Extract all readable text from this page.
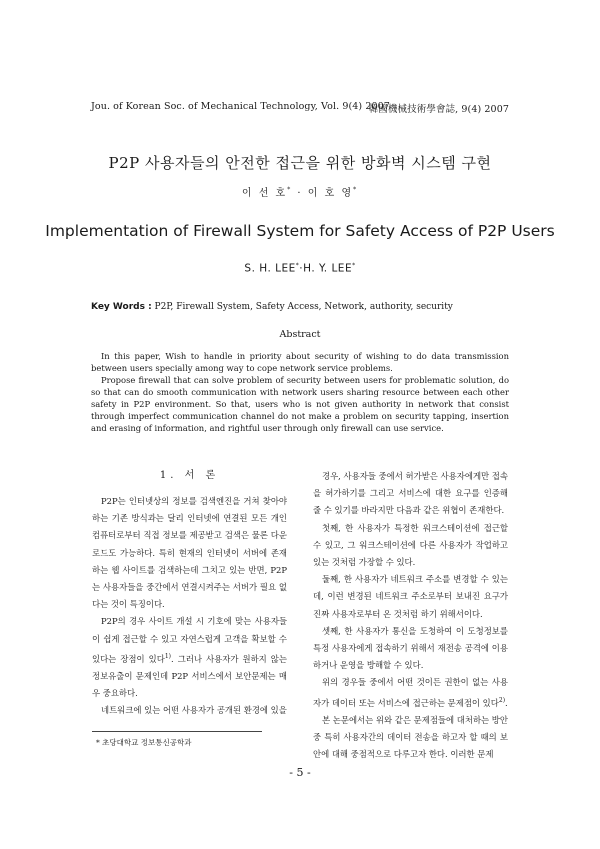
Jou. of Korean Soc. of Mechanical Technology, Vol. 9(4) 2007
韓國機械技術學會誌, 9(4) 2007
P2P 사용자들의 안전한 접근을 위한 방화벽 시스템 구현
이 선 호* · 이 호 영*
Implementation of Firewall System for Safety Access of P2P Users
S. H. LEE*·H. Y. LEE*
Key Words : P2P, Firewall System, Safety Access, Network, authority, security
Abstract

In this paper, Wish to handle in priority about security of wishing to do data transmission between users specially among way to cope network service problems.

Propose firewall that can solve problem of security between users for problematic solution, do so that can do smooth communication with network users sharing resource between each other safety in P2P environment. So that, users who is not given authority in network that consist through imperfect communication channel do not make a problem on security tapping, insertion and erasing of information, and rightful user through only firewall can use service.

1. 서 론

P2P는 인터넷상의 정보를 검색엔진을 거쳐 찾아야 하는 기존 방식과는 달리 인터넷에 연결된 모든 개인 컴퓨터로부터 직접 정보를 제공받고 검색은 물론 다운로드도 가능하다. 특히 현재의 인터넷이 서버에 존재하는 웹 사이트를 검색하는데 그치고 있는 반면, P2P는 사용자들을 중간에서 연결시켜주는 서버가 필요 없다는 것이 특징이다.

P2P의 경우 사이트 개설 시 기호에 맞는 사용자들이 쉽게 접근할 수 있고 자연스럽게 고객을 확보할 수 있다는 장점이 있다$^{1)}$. 그러나 사용자가 원하지 않는 정보유출이 문제인데 P2P 서비스에서 보안문제는 매우 중요하다.

네트워크에 있는 어떤 사용자가 공개된 환경에 있을

경우, 사용자들 중에서 허가받은 사용자에게만 접속을 허가하기를 그리고 서비스에 대한 요구를 인증해 줄 수 있기를 바라지만 다음과 같은 위협이 존재한다.

첫째, 한 사용자가 특정한 워크스테이션에 접근할 수 있고, 그 워크스테이션에 다른 사용자가 작업하고 있는 것처럼 가장할 수 있다.

둘째, 한 사용자가 네트워크 주소를 변경할 수 있는데, 이런 변경된 네트워크 주소로부터 보내진 요구가 진짜 사용자로부터 온 것처럼 하기 위해서이다.

셋째, 한 사용자가 통신을 도청하여 이 도청정보를 특정 사용자에게 접속하기 위해서 재전송 공격에 이용하거나 운영을 방해할 수 있다.

위의 경우들 중에서 어떤 것이든 권한이 없는 사용자가 데이터 또는 서비스에 접근하는 문제점이 있다$^{2)}$.

본 논문에서는 위와 같은 문제점들에 대처하는 방안 중 특히 사용자간의 데이터 전송을 하고자 할 때의 보안에 대해 중점적으로 다루고자 한다. 이러한 문제

* 초당대학교 정보통신공학과
- 5 -
